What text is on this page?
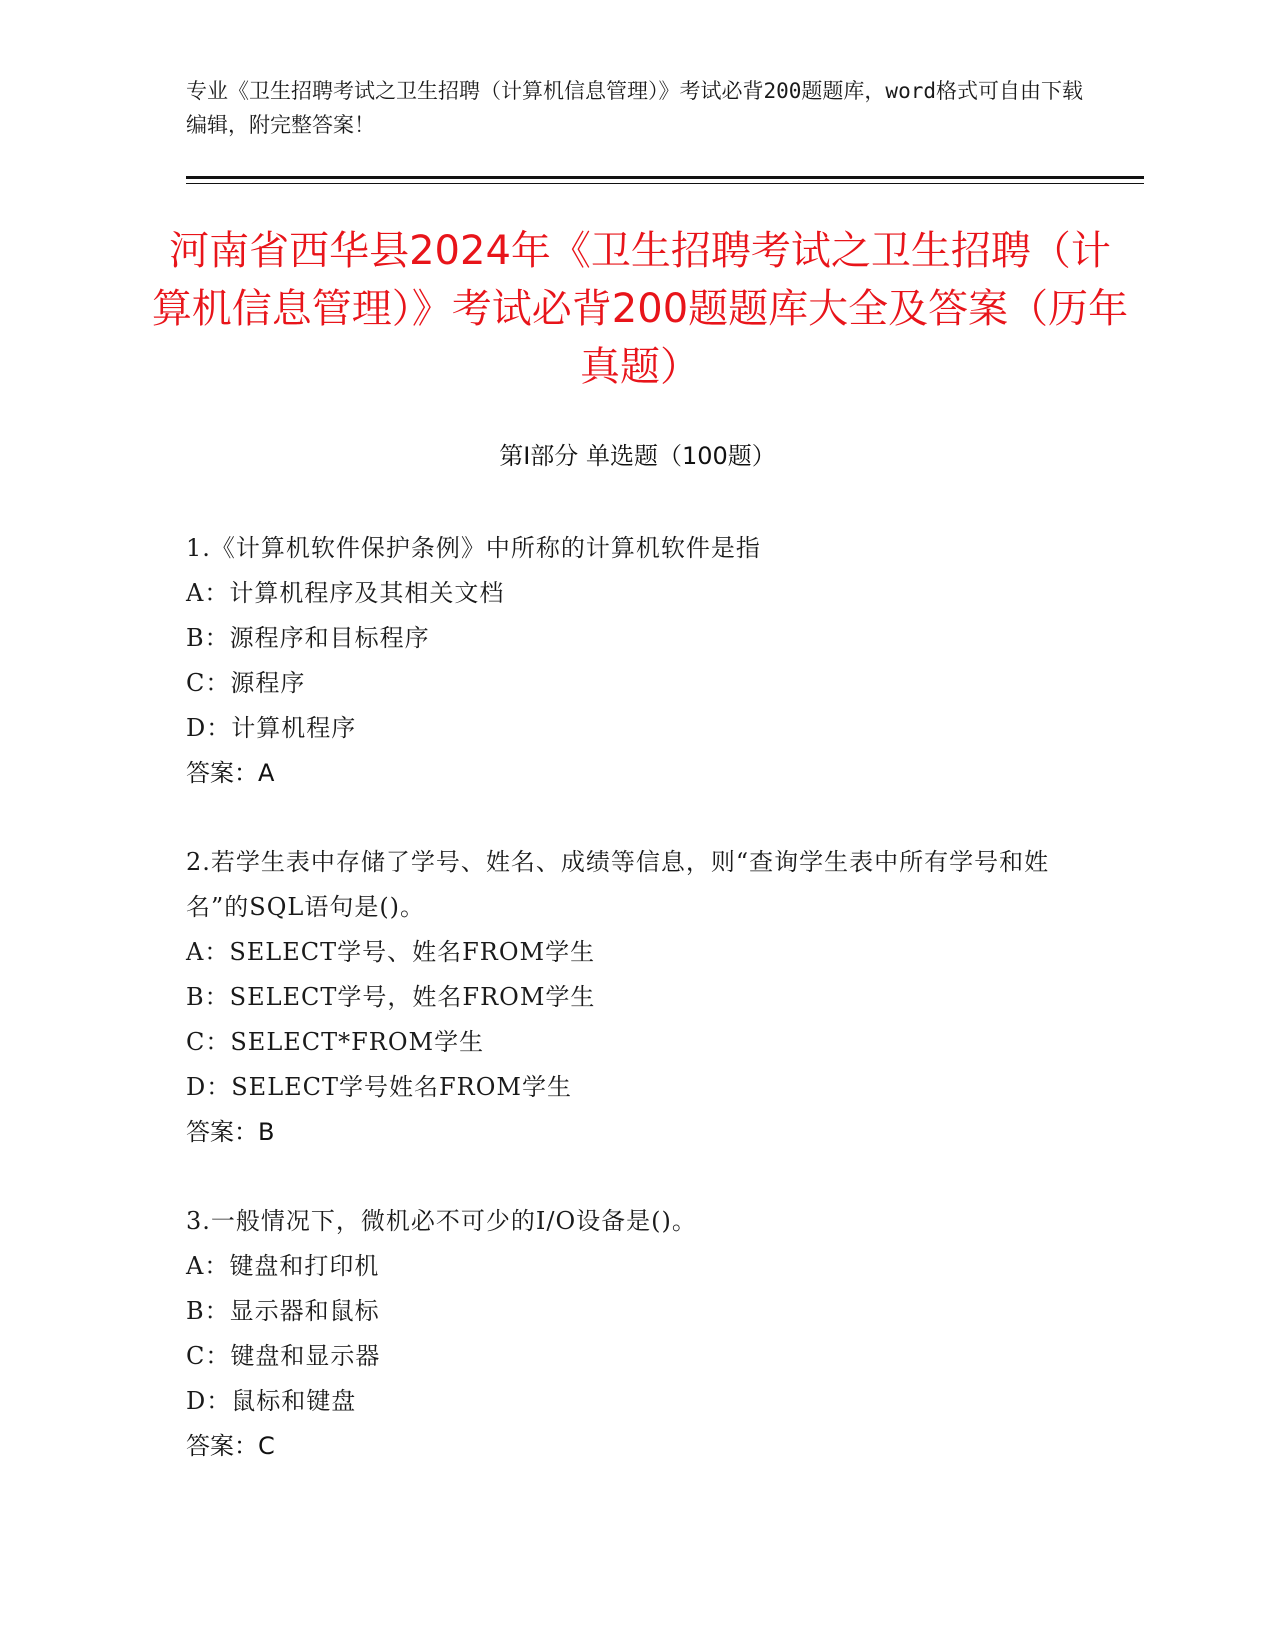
专业《卫生招聘考试之卫生招聘（计算机信息管理）》考试必背200题题库，word格式可自由下载编辑，附完整答案！
河南省西华县2024年《卫生招聘考试之卫生招聘（计算机信息管理）》考试必背200题题库大全及答案（历年真题）
第Ⅰ部分 单选题（100题）
1.《计算机软件保护条例》中所称的计算机软件是指
A：计算机程序及其相关文档
B：源程序和目标程序
C：源程序
D：计算机程序
答案：A
2.若学生表中存储了学号、姓名、成绩等信息，则“查询学生表中所有学号和姓名”的SQL语句是()。
A：SELECT学号、姓名FROM学生
B：SELECT学号，姓名FROM学生
C：SELECT*FROM学生
D：SELECT学号姓名FROM学生
答案：B
3.一般情况下，微机必不可少的I/O设备是()。
A：键盘和打印机
B：显示器和鼠标
C：键盘和显示器
D：鼠标和键盘
答案：C
